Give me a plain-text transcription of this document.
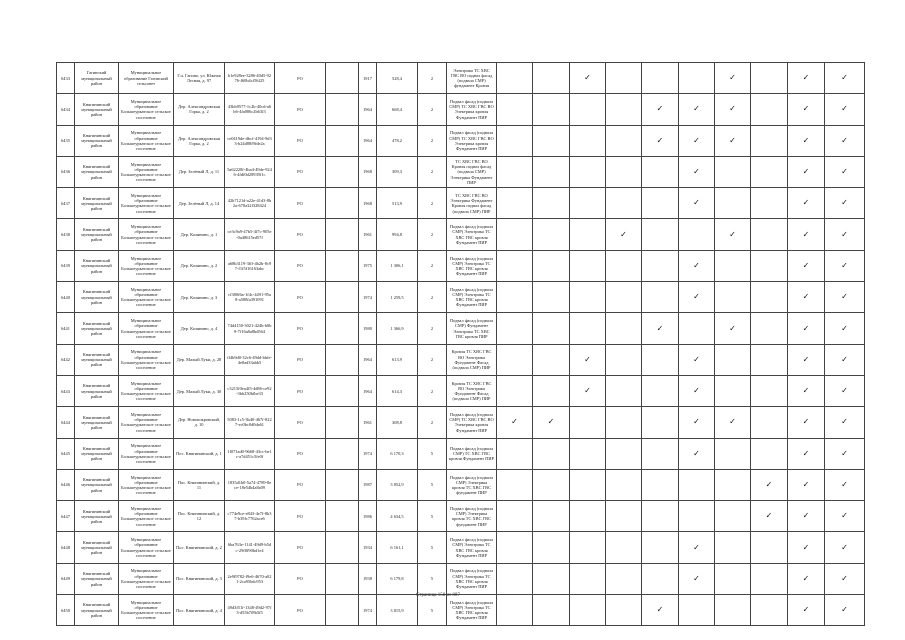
6433	Гагинский муниципальный район	Муниципальное образование Гагинский сельсовет	Г.п. Гагино, ул. Южная Лесная, д. 97	b1e928ee-3286-40d5-9276-f60b4cf56f25	РО		1917	528,4	2	Электрика ТС ХВС ГВС ВО подвал фасад (подвала СМР) фундамент Кровля			✓				✓		✓	✓
6434	Княгининский муниципальный район	Муниципальное образование Большеуркатское сельское поселение	Дер. Александровская Горка, д. 2	43bb9577-1c2b-40cd-a6b6-4fa086c2b63f3	РО		1964	668,4	2	Подвал фасад (подвала СМР) ТС ХВС ГВС ВО Электрика кровля Фундамент ПИР					✓	✓	✓		✓	✓
6435	Княгининский муниципальный район	Муниципальное образование Большеуркатское сельское поселение	Дер. Александровская Горка, д. 2	ce0419de-dbcf-4194-9d33-b24d88f9fde2a	РО		1964	478,2	2	Подвал фасад (подвала СМР) ТС ХВС ГВС ВО Электрика кровля Фундамент ПИР					✓	✓	✓		✓	✓
6436	Княгининский муниципальный район	Муниципальное образование Большеуркатское сельское поселение	Дер. Зелёный Л, д. 11	5a62228f-4ba4-49de-9246-4fdf0d28939f1c	РО		1968	309,3	2	ТС ХВС ГВС ВО Кровля подвал фасад (подвала СМР) Электрика Фундамент ПИР						✓			✓	✓
6437	Княгининский муниципальный район	Муниципальное образование Большеуркатское сельское поселение	Дер. Зелёный Л, д. 14	42b7121d-a22e-41d3-8b2a-670a32f328424	РО		1968	513,9	2	ТС ХВС ГВС ВО Электрика Фундамент Кровля подвал фасад (подвала СМР) ПИР						✓			✓	✓
6438	Княгининский муниципальный район	Муниципальное образование Большеуркатское сельское поселение	Дер. Колянино, д. 1	ce3c9a9-47b5-4f7c-905e-0a48615ed57f	РО		1961	994,8	2	Подвал фасад (подвала СМР) Электрика ТС ХВС ГВС кровля Фундамент ПИР				✓			✓		✓	✓
6439	Княгининский муниципальный район	Муниципальное образование Большеуркатское сельское поселение	Дер. Колянино, д. 2	a68b3119-3fff-4b2b-8c97-f1f5f16163abc	РО		1975	1 306,1	2	Подвал фасад (подвала СМР) Электрика ТС ХВС ГВС кровля Фундамент ПИР						✓			✓	✓
6440	Княгининский муниципальный район	Муниципальное образование Большеуркатское сельское поселение	Дер. Колянино, д. 3	cf380f6a-1f4c-4491-95a8-a588fa391091	РО		1974	1 259,5	2	Подвал фасад (подвала СМР) Электрика ТС ХВС ГВС кровля Фундамент ПИР						✓			✓	✓
6441	Княгининский муниципальный район	Муниципальное образование Большеуркатское сельское поселение	Дер. Колянино, д. 4	74d4150-3021-424b-b0b9-7f16a8a8bd564	РО		1980	1 366,9	2	Подвал фасад (подвала СМР) Фундамент Электрика ТС ХВС ГВС кровля ПИР					✓		✓		✓	✓
6442	Княгининский муниципальный район	Муниципальное образование Большеуркатское сельское поселение	Дер. Малый Луки, д. 28	ff4b9d0-32c6-49dd-bbfe-4e8ad33abb5	РО		1964	613,9	2	Кровля ТС ХВС ГВС ВО Электрика Фундамент Фасад (подвала СМР) ПИР			✓			✓			✓	✓
6443	Княгининский муниципальный район	Муниципальное образование Большеуркатское сельское поселение	Дер. Малый Луки, д. 30	c3215f0ea4f5-4d86-ce92-3bb250bfbe33	РО		1964	614,3	2	Кровля ТС ХВС ГВС ВО Электрика Фундамент Фасад (подвала СМР) ПИР			✓			✓			✓	✓
6444	Княгининский муниципальный район	Муниципальное образование Большеуркатское сельское поселение	Дер. Новопокровский, д. 10	5083-1c5-3b40-467f-8227-ec0bc0d0da61	РО		1961	308,8	2	Подвал фасад (подвала СМР) ТС ХВС ГВС ВО Электрика кровля Фундамент ПИР	✓	✓				✓	✓		✓	✓
6445	Княгининский муниципальный район	Муниципальное образование Большеуркатское сельское поселение	Пос. Княгининский, д. 1	1f071ad0-9668-43cc-be1c-a7d451c5fe0f	РО		1974	6 170,3	5	Подвал фасад (подвала СМР) ТС ХВС ГВС кровля Фундамент ПИР						✓			✓	✓
6446	Княгининский муниципальный район	Муниципальное образование Большеуркатское сельское поселение	Пос. Княгининский, д. 11	1835d1b0-5a74-4789-8ece-18e54b4a8a09	РО		1987	3 852,9	5	Подвал фасад (подвала СМР) Электрика кровля ТС ХВС ГВС фундамент ПИР								✓	✓	✓
6447	Княгининский муниципальный район	Муниципальное образование Большеуркатское сельское поселение	Пос. Княгининский, д. 12	c774e9ce-e843-4e7f-8b37-b39fc7762ace6	РО		1986	4 634,5	5	Подвал фасад (подвала СМР) Электрика кровля ТС ХВС ГВС фундамент ПИР								✓	✓	✓
6448	Княгининский муниципальный район	Муниципальное образование Большеуркатское сельское поселение	Пос. Княгининский, д. 2	6ba763e-1141-49d9-b5dc-29f8f90bd1e4	РО		1934	6 161,1	5	Подвал фасад (подвала СМР) Электрика ТС ХВС ГВС кровля Фундамент ПИР						✓			✓	✓
6449	Княгининский муниципальный район	Муниципальное образование Большеуркатское сельское поселение	Пос. Княгининский, д. 3	2e9f9782-f9e6-4670-a021-2ca95bdc953	РО		1938	6 179,8	5	Подвал фасад (подвала СМР) Электрика ТС ХВС ГВС кровля Фундамент ПИР						✓			✓	✓
6450	Княгининский муниципальный район	Муниципальное образование Большеуркатское сельское поселение	Пос. Княгининский, д. 4	49d3f51f-1348-49d2-97f3-d55b7f8b5f5	РО		1974	3 815,9	5	Подвал фасад (подвала СМР) Электрика ТС ХВС ГВС кровля Фундамент ПИР					✓				✓	✓
Страница 158 из 887
